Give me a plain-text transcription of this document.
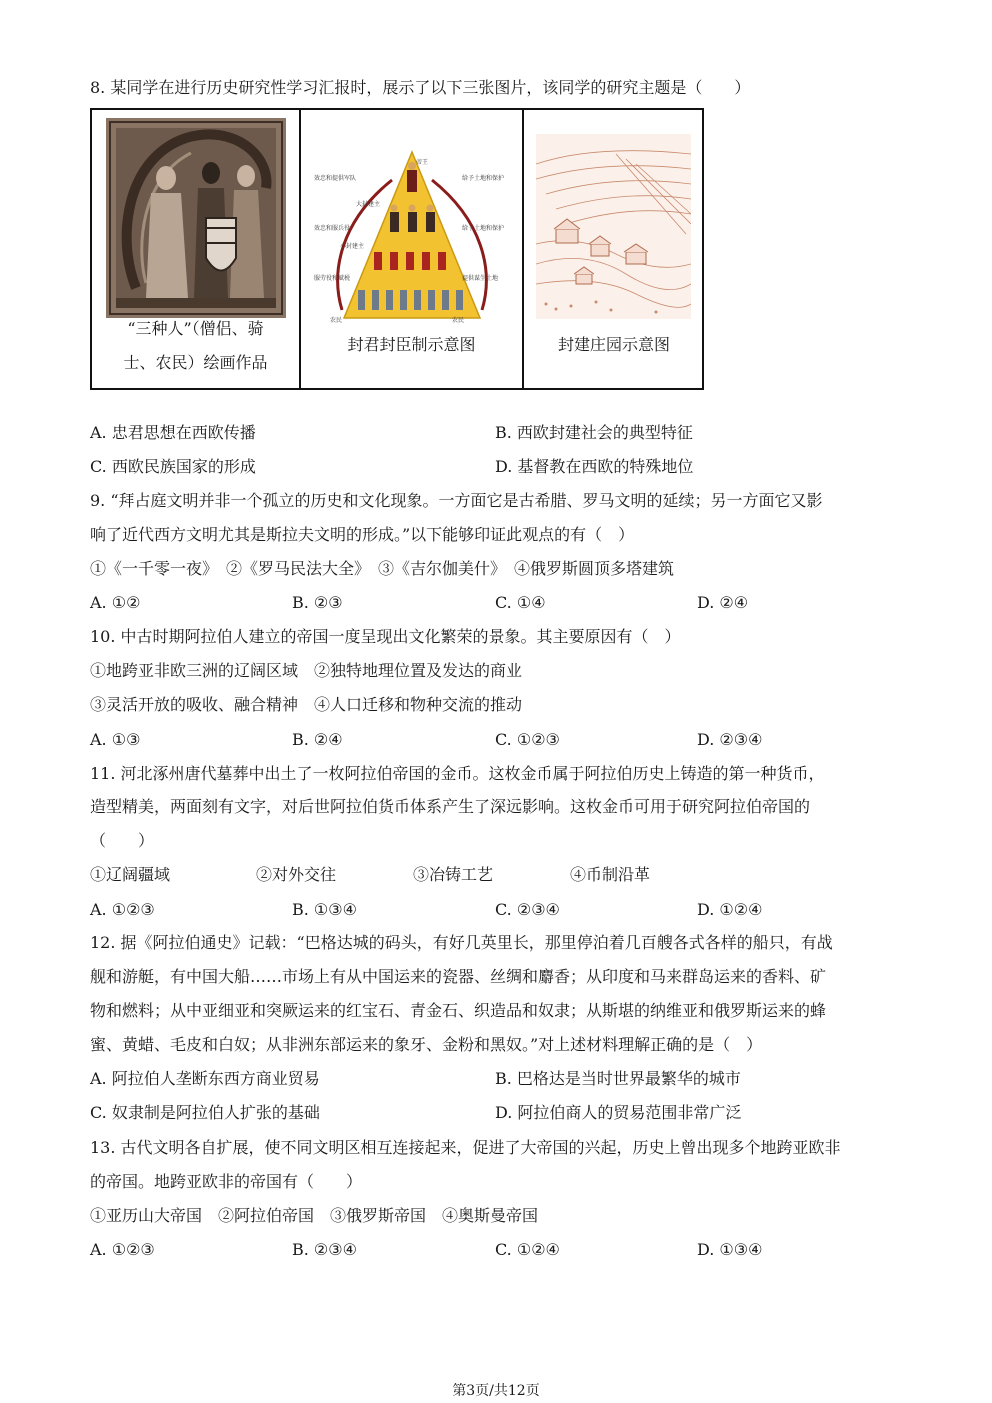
8. 某同学在进行历史研究性学习汇报时，展示了以下三张图片，该同学的研究主题是（　　）
“三种人”（僧侣、骑
士、农民）绘画作品
帝王
大封建主
小封建主
农民	农民
效忠和提供军队
效忠和服兵役
服劳役和赋税
给予土地和保护
给予土地和保护
提供谋生土地
封君封臣制示意图	封建庄园示意图
A. 忠君思想在西欧传播	B. 西欧封建社会的典型特征
C. 西欧民族国家的形成	D. 基督教在西欧的特殊地位
9. “拜占庭文明并非一个孤立的历史和文化现象。一方面它是古希腊、罗马文明的延续；另一方面它又影
响了近代西方文明尤其是斯拉夫文明的形成。”以下能够印证此观点的有（　）
①《一千零一夜》　②《罗马民法大全》　③《吉尔伽美什》　④俄罗斯圆顶多塔建筑
A. ①②	B. ②③	C. ①④	D. ②④
10. 中古时期阿拉伯人建立的帝国一度呈现出文化繁荣的景象。其主要原因有（　）
①地跨亚非欧三洲的辽阔区域　②独特地理位置及发达的商业
③灵活开放的吸收、融合精神　④人口迁移和物种交流的推动
A. ①③	B. ②④	C. ①②③	D. ②③④
11. 河北涿州唐代墓葬中出土了一枚阿拉伯帝国的金币。这枚金币属于阿拉伯历史上铸造的第一种货币，
造型精美，两面刻有文字，对后世阿拉伯货币体系产生了深远影响。这枚金币可用于研究阿拉伯帝国的
（　　）
①辽阔疆域	②对外交往	③冶铸工艺	④币制沿革
A. ①②③	B. ①③④	C. ②③④	D. ①②④
12. 据《阿拉伯通史》记载：“巴格达城的码头，有好几英里长，那里停泊着几百艘各式各样的船只，有战
舰和游艇，有中国大船……市场上有从中国运来的瓷器、丝绸和麝香；从印度和马来群岛运来的香料、矿
物和燃料；从中亚细亚和突厥运来的红宝石、青金石、织造品和奴隶；从斯堪的纳维亚和俄罗斯运来的蜂
蜜、黄蜡、毛皮和白奴；从非洲东部运来的象牙、金粉和黑奴。”对上述材料理解正确的是（　）
A. 阿拉伯人垄断东西方商业贸易	B. 巴格达是当时世界最繁华的城市
C. 奴隶制是阿拉伯人扩张的基础	D. 阿拉伯商人的贸易范围非常广泛
13. 古代文明各自扩展，使不同文明区相互连接起来，促进了大帝国的兴起，历史上曾出现多个地跨亚欧非
的帝国。地跨亚欧非的帝国有（　　）
①亚历山大帝国　②阿拉伯帝国　③俄罗斯帝国　④奥斯曼帝国
A. ①②③	B. ②③④	C. ①②④	D. ①③④
第3页/共12页
